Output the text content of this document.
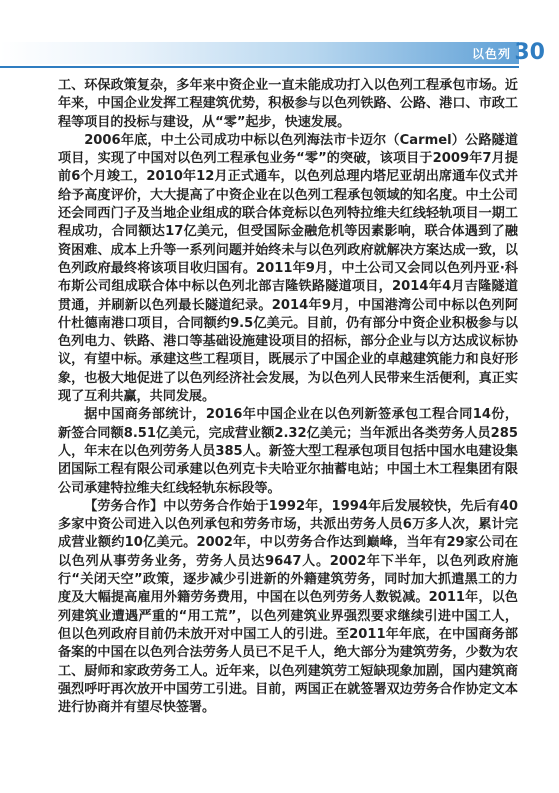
以色列 30

工、环保政策复杂，多年来中资企业一直未能成功打入以色列工程承包市场。近年来，中国企业发挥工程建筑优势，积极参与以色列铁路、公路、港口、市政工程等项目的投标与建设，从“零”起步，快速发展。

2006年底，中土公司成功中标以色列海法市卡迈尔（Carmel）公路隧道项目，实现了中国对以色列工程承包业务“零”的突破，该项目于2009年7月提前6个月竣工，2010年12月正式通车，以色列总理内塔尼亚胡出席通车仪式并给予高度评价，大大提高了中资企业在以色列工程承包领域的知名度。中土公司还会同西门子及当地企业组成的联合体竞标以色列特拉维夫红线轻轨项目一期工程成功，合同额达17亿美元，但受国际金融危机等因素影响，联合体遇到了融资困难、成本上升等一系列问题并始终未与以色列政府就解决方案达成一致，以色列政府最终将该项目收归国有。2011年9月，中土公司又会同以色列丹亚·科布斯公司组成联合体中标以色列北部吉隆铁路隧道项目，2014年4月吉隆隧道贯通，并刷新以色列最长隧道纪录。2014年9月，中国港湾公司中标以色列阿什杜德南港口项目，合同额约9.5亿美元。目前，仍有部分中资企业积极参与以色列电力、铁路、港口等基础设施建设项目的招标，部分企业与以方达成议标协议，有望中标。承建这些工程项目，既展示了中国企业的卓越建筑能力和良好形象，也极大地促进了以色列经济社会发展，为以色列人民带来生活便利，真正实现了互利共赢，共同发展。

据中国商务部统计，2016年中国企业在以色列新签承包工程合同14份，新签合同额8.51亿美元，完成营业额2.32亿美元；当年派出各类劳务人员285人，年末在以色列劳务人员385人。新签大型工程承包项目包括中国水电建设集团国际工程有限公司承建以色列克卡夫哈亚尔抽蓄电站；中国土木工程集团有限公司承建特拉维夫红线轻轨东标段等。

【劳务合作】中以劳务合作始于1992年，1994年后发展较快，先后有40多家中资公司进入以色列承包和劳务市场，共派出劳务人员6万多人次，累计完成营业额约10亿美元。2002年，中以劳务合作达到巅峰，当年有29家公司在以色列从事劳务业务，劳务人员达9647人。2002年下半年，以色列政府施行“关闭天空”政策，逐步减少引进新的外籍建筑劳务，同时加大抓遣黑工的力度及大幅提高雇用外籍劳务费用，中国在以色列劳务人数锐减。2011年，以色列建筑业遭遇严重的“用工荒”，以色列建筑业界强烈要求继续引进中国工人，但以色列政府目前仍未放开对中国工人的引进。至2011年年底，在中国商务部备案的中国在以色列合法劳务人员已不足千人，绝大部分为建筑劳务，少数为农工、厨师和家政劳务工人。近年来，以色列建筑劳工短缺现象加剧，国内建筑商强烈呼吁再次放开中国劳工引进。目前，两国正在就签署双边劳务合作协定文本进行协商并有望尽快签署。
